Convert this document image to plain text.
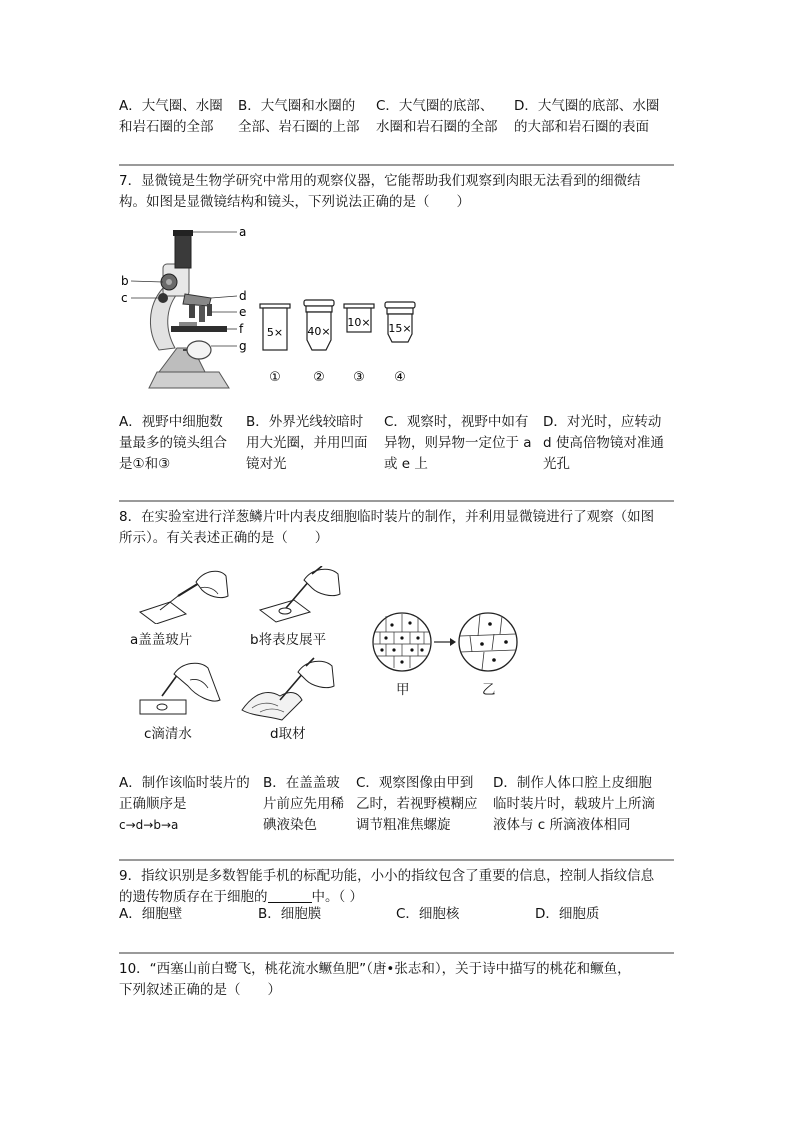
A．大气圈、水圈
和岩石圈的全部
B．大气圈和水圈的
全部、岩石圈的上部
C．大气圈的底部、
水圈和岩石圈的全部
D．大气圈的底部、水圈
的大部和岩石圈的表面
7．显微镜是生物学研究中常用的观察仪器，它能帮助我们观察到肉眼无法看到的细微结
构。如图是显微镜结构和镜头，下列说法正确的是（　　）
a
b
c	d
e
f
g
5× 40×
10× 15×
① ② ③ ④
A．视野中细胞数
量最多的镜头组合
是①和③
B．外界光线较暗时
用大光圈，并用凹面
镜对光
C．观察时，视野中如有
异物，则异物一定位于 a
或 e 上
D．对光时，应转动
d 使高倍物镜对准通
光孔
8．在实验室进行洋葱鳞片叶内表皮细胞临时装片的制作，并利用显微镜进行了观察（如图
所示）。有关表述正确的是（　　）
a盖盖玻片	b将表皮展平
c滴清水	d取材
甲	乙
A．制作该临时装片的
正确顺序是
c→d→b→a
B．在盖盖玻
片前应先用稀
碘液染色
C．观察图像由甲到
乙时，若视野模糊应
调节粗准焦螺旋
D．制作人体口腔上皮细胞
临时装片时，载玻片上所滴
液体与 c 所滴液体相同
9．指纹识别是多数智能手机的标配功能，小小的指纹包含了重要的信息，控制人指纹信息
的遗传物质存在于细胞的	中。（ ）
A．细胞壁	B．细胞膜	C．细胞核	D．细胞质
10．“西塞山前白鹭飞，桃花流水鳜鱼肥”（唐•张志和），关于诗中描写的桃花和鳜鱼，
下列叙述正确的是（　　）
